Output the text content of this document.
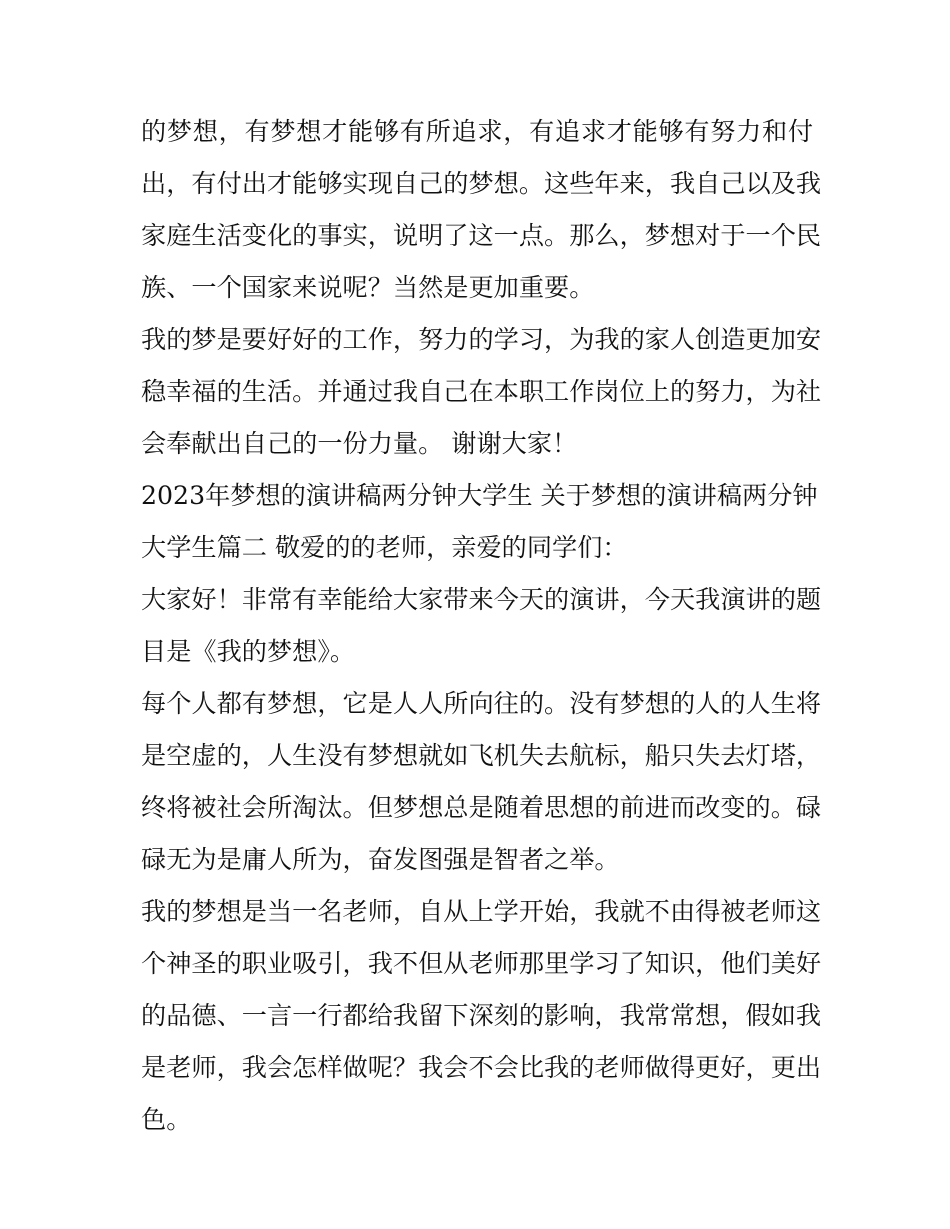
的梦想，有梦想才能够有所追求，有追求才能够有努力和付
出，有付出才能够实现自己的梦想。这些年来，我自己以及我
家庭生活变化的事实，说明了这一点。那么，梦想对于一个民
族、一个国家来说呢？当然是更加重要。
我的梦是要好好的工作，努力的学习，为我的家人创造更加安
稳幸福的生活。并通过我自己在本职工作岗位上的努力，为社
会奉献出自己的一份力量。 谢谢大家！
2023年梦想的演讲稿两分钟大学生 关于梦想的演讲稿两分钟
大学生篇二 敬爱的的老师，亲爱的同学们：
大家好！非常有幸能给大家带来今天的演讲，今天我演讲的题
目是《我的梦想》。
每个人都有梦想，它是人人所向往的。没有梦想的人的人生将
是空虚的，人生没有梦想就如飞机失去航标，船只失去灯塔，
终将被社会所淘汰。但梦想总是随着思想的前进而改变的。碌
碌无为是庸人所为，奋发图强是智者之举。
我的梦想是当一名老师，自从上学开始，我就不由得被老师这
个神圣的职业吸引，我不但从老师那里学习了知识，他们美好
的品德、一言一行都给我留下深刻的影响，我常常想，假如我
是老师，我会怎样做呢？我会不会比我的老师做得更好，更出
色。
